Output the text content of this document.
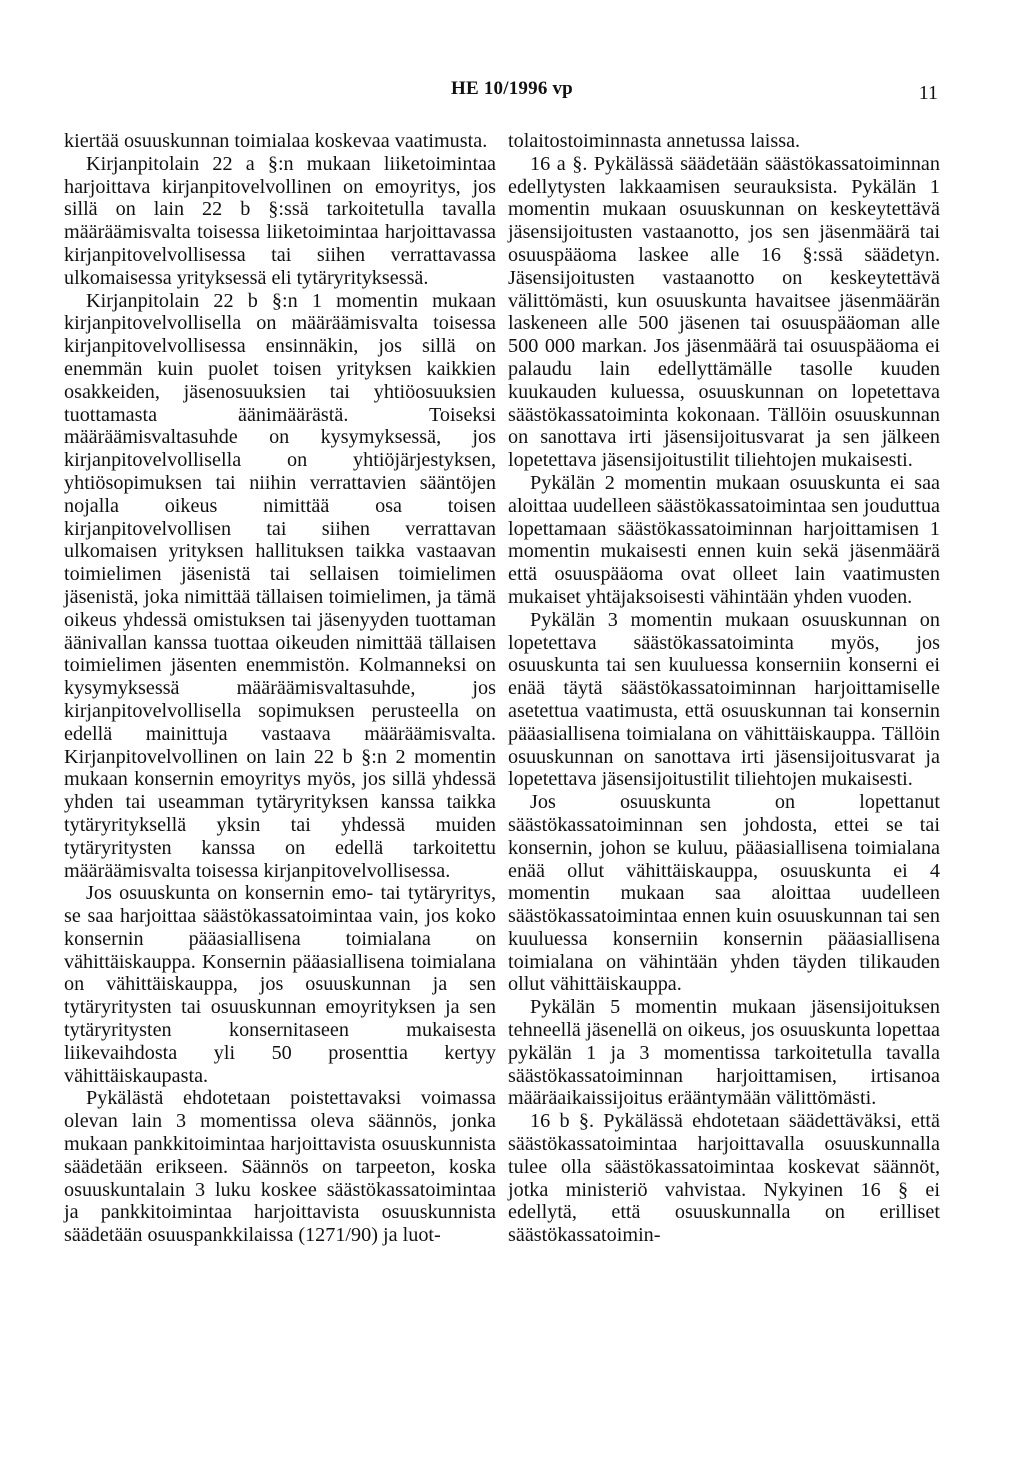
HE 10/1996 vp	11

kiertää osuuskunnan toimialaa koskevaa vaatimusta.

Kirjanpitolain 22 a §:n mukaan liiketoimintaa harjoittava kirjanpitovelvollinen on emoyritys, jos sillä on lain 22 b §:ssä tarkoitetulla tavalla määräämisvalta toisessa liiketoimintaa harjoittavassa kirjanpitovelvollisessa tai siihen verrattavassa ulkomaisessa yrityksessä eli tytäryrityksessä.

Kirjanpitolain 22 b §:n 1 momentin mukaan kirjanpitovelvollisella on määräämisvalta toisessa kirjanpitovelvollisessa ensinnäkin, jos sillä on enemmän kuin puolet toisen yrityksen kaikkien osakkeiden, jäsenosuuksien tai yhtiöosuuksien tuottamasta äänimäärästä. Toiseksi määräämisvaltasuhde on kysymyksessä, jos kirjanpitovelvollisella on yhtiöjärjestyksen, yhtiösopimuksen tai niihin verrattavien sääntöjen nojalla oikeus nimittää osa toisen kirjanpitovelvollisen tai siihen verrattavan ulkomaisen yrityksen hallituksen taikka vastaavan toimielimen jäsenistä tai sellaisen toimielimen jäsenistä, joka nimittää tällaisen toimielimen, ja tämä oikeus yhdessä omistuksen tai jäsenyyden tuottaman äänivallan kanssa tuottaa oikeuden nimittää tällaisen toimielimen jäsenten enemmistön. Kolmanneksi on kysymyksessä määräämisvaltasuhde, jos kirjanpitovelvollisella sopimuksen perusteella on edellä mainittuja vastaava määräämisvalta. Kirjanpitovelvollinen on lain 22 b §:n 2 momentin mukaan konsernin emoyritys myös, jos sillä yhdessä yhden tai useamman tytäryrityksen kanssa taikka tytäryrityksellä yksin tai yhdessä muiden tytäryritysten kanssa on edellä tarkoitettu määräämisvalta toisessa kirjanpitovelvollisessa.

Jos osuuskunta on konsernin emo- tai tytäryritys, se saa harjoittaa säästökassatoimintaa vain, jos koko konsernin pääasiallisena toimialana on vähittäiskauppa. Konsernin pääasiallisena toimialana on vähittäiskauppa, jos osuuskunnan ja sen tytäryritysten tai osuuskunnan emoyrityksen ja sen tytäryritysten konsernitaseen mukaisesta liikevaihdosta yli 50 prosenttia kertyy vähittäiskaupasta.

Pykälästä ehdotetaan poistettavaksi voimassa olevan lain 3 momentissa oleva säännös, jonka mukaan pankkitoimintaa harjoittavista osuuskunnista säädetään erikseen. Säännös on tarpeeton, koska osuuskuntalain 3 luku koskee säästökassatoimintaa ja pankkitoimintaa harjoittavista osuuskunnista säädetään osuuspankkilaissa (1271/90) ja luot-

tolaitostoiminnasta annetussa laissa.

16 a §. Pykälässä säädetään säästökassatoiminnan edellytysten lakkaamisen seurauksista. Pykälän 1 momentin mukaan osuuskunnan on keskeytettävä jäsensijoitusten vastaanotto, jos sen jäsenmäärä tai osuuspääoma laskee alle 16 §:ssä säädetyn. Jäsensijoitusten vastaanotto on keskeytettävä välittömästi, kun osuuskunta havaitsee jäsenmäärän laskeneen alle 500 jäsenen tai osuuspääoman alle 500 000 markan. Jos jäsenmäärä tai osuuspääoma ei palaudu lain edellyttämälle tasolle kuuden kuukauden kuluessa, osuuskunnan on lopetettava säästökassatoiminta kokonaan. Tällöin osuuskunnan on sanottava irti jäsensijoitusvarat ja sen jälkeen lopetettava jäsensijoitustilit tiliehtojen mukaisesti.

Pykälän 2 momentin mukaan osuuskunta ei saa aloittaa uudelleen säästökassatoimintaa sen jouduttua lopettamaan säästökassatoiminnan harjoittamisen 1 momentin mukaisesti ennen kuin sekä jäsenmäärä että osuuspääoma ovat olleet lain vaatimusten mukaiset yhtäjaksoisesti vähintään yhden vuoden.

Pykälän 3 momentin mukaan osuuskunnan on lopetettava säästökassatoiminta myös, jos osuuskunta tai sen kuuluessa konserniin konserni ei enää täytä säästökassatoiminnan harjoittamiselle asetettua vaatimusta, että osuuskunnan tai konsernin pääasiallisena toimialana on vähittäiskauppa. Tällöin osuuskunnan on sanottava irti jäsensijoitusvarat ja lopetettava jäsensijoitustilit tiliehtojen mukaisesti.

Jos osuuskunta on lopettanut säästökassatoiminnan sen johdosta, ettei se tai konsernin, johon se kuluu, pääasiallisena toimialana enää ollut vähittäiskauppa, osuuskunta ei 4 momentin mukaan saa aloittaa uudelleen säästökassatoimintaa ennen kuin osuuskunnan tai sen kuuluessa konserniin konsernin pääasiallisena toimialana on vähintään yhden täyden tilikauden ollut vähittäiskauppa.

Pykälän 5 momentin mukaan jäsensijoituksen tehneellä jäsenellä on oikeus, jos osuuskunta lopettaa pykälän 1 ja 3 momentissa tarkoitetulla tavalla säästökassatoiminnan harjoittamisen, irtisanoa määräaikaissijoitus erääntymään välittömästi.

16 b §. Pykälässä ehdotetaan säädettäväksi, että säästökassatoimintaa harjoittavalla osuuskunnalla tulee olla säästökassatoimintaa koskevat säännöt, jotka ministeriö vahvistaa. Nykyinen 16 § ei edellytä, että osuuskunnalla on erilliset säästökassatoimin-
